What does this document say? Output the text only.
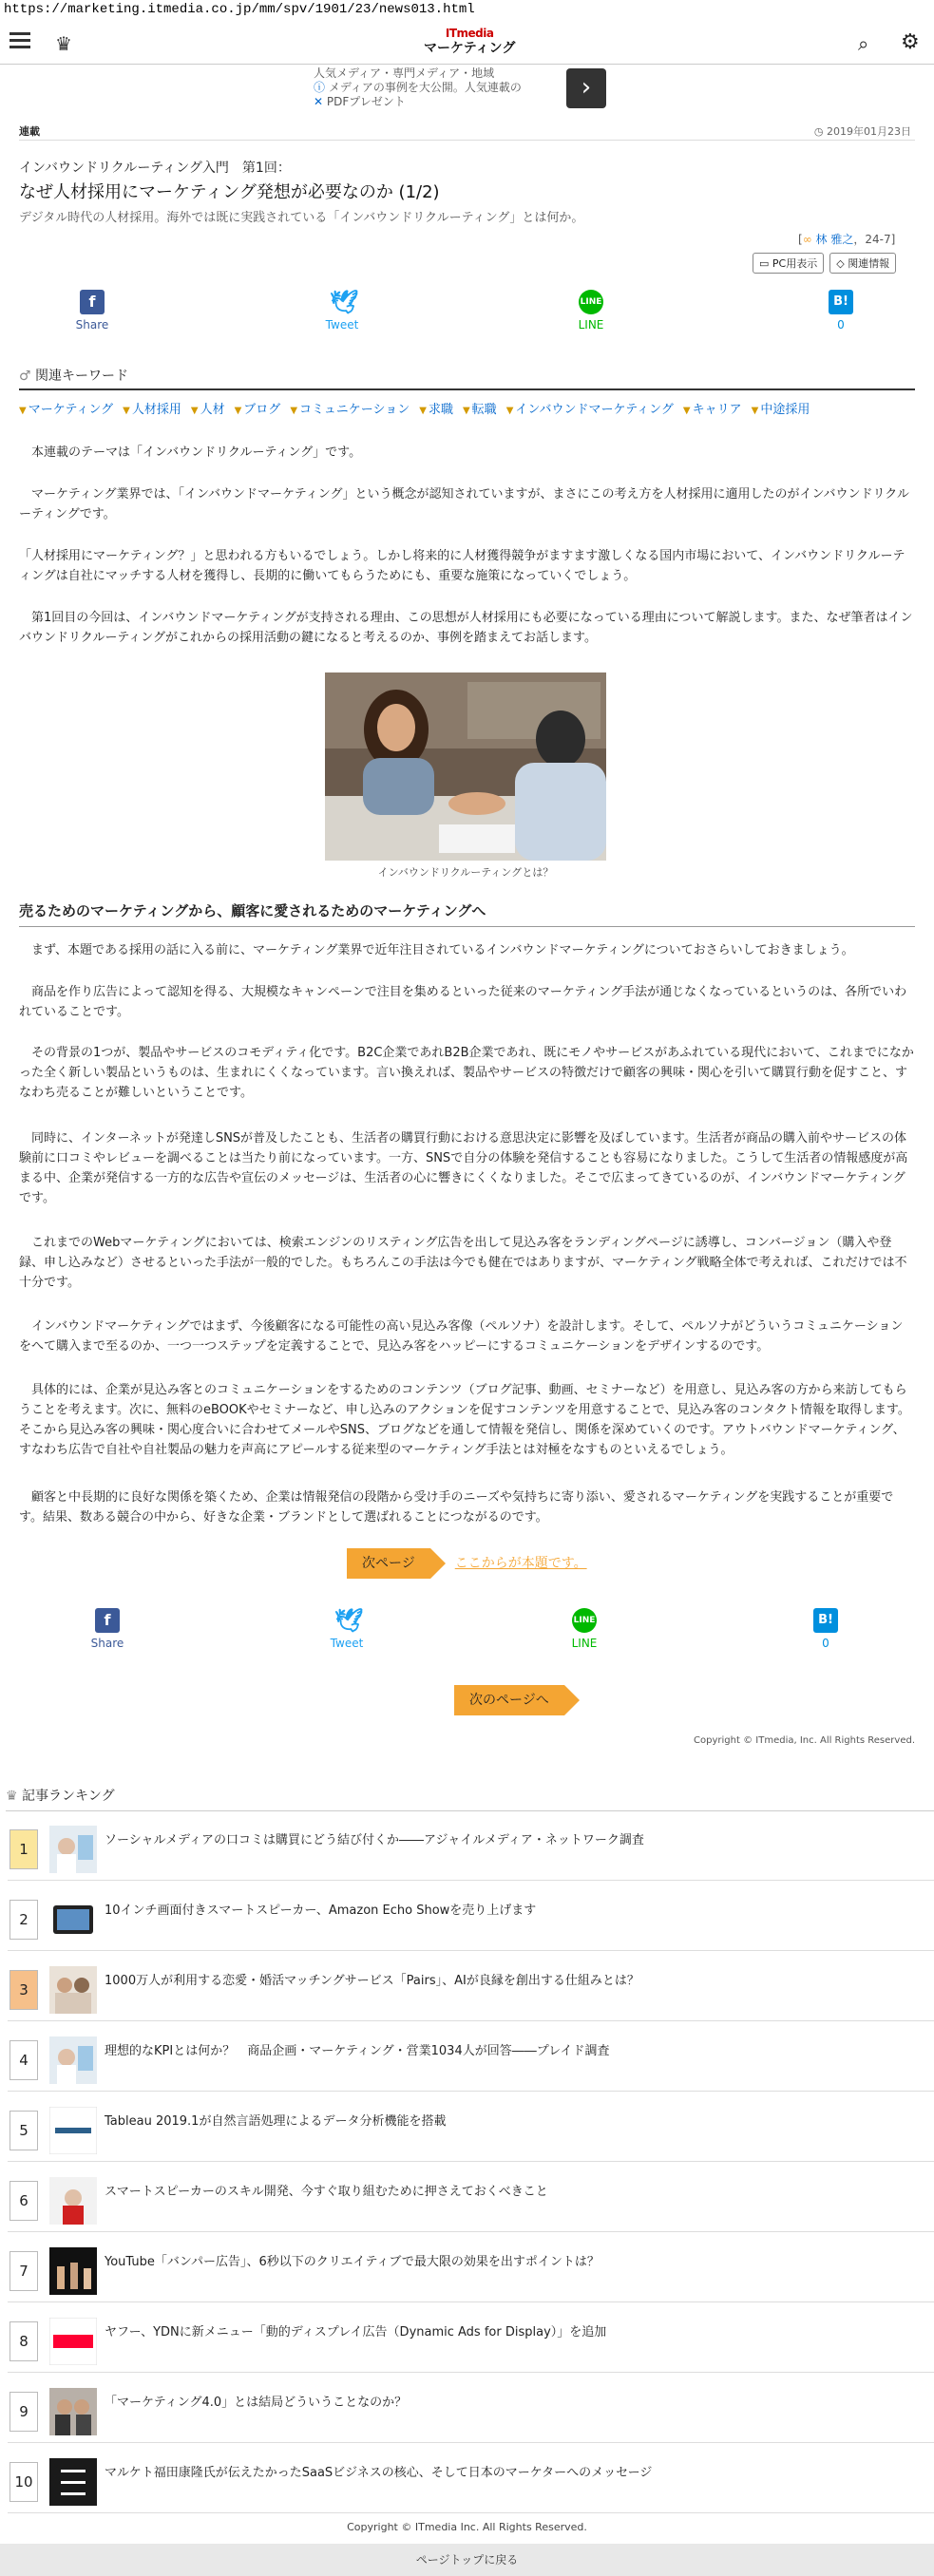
https://marketing.itmedia.co.jp/mm/spv/1901/23/news013.html
♛	ITmedia
マーケティング	⌕ ⚙
人気メディア・専門メディア・地域
ⓘ メディアの事例を大公開。人気連載の
✕ PDFプレゼント	›
連載	◷ 2019年01月23日
インバウンドリクルーティング入門　第1回：
なぜ人材採用にマーケティング発想が必要なのか (1/2)
デジタル時代の人材採用。海外では既に実践されている「インバウンドリクルーティング」とは何か。
[∞ 林 雅之，24-7]
▭ PC用表示 ◇ 関連情報
f
Share
🕊
Tweet
LINE
LINE
B!
0
♂ 関連キーワード
▼ マーケティング ▼ 人材採用 ▼ 人材 ▼ ブログ ▼ コミュニケーション ▼ 求職 ▼ 転職 ▼ インバウンドマーケティング ▼ キャリア ▼ 中途採用
　本連載のテーマは「インバウンドリクルーティング」です。
　マーケティング業界では、「インバウンドマーケティング」という概念が認知されていますが、まさにこの考え方を人材採用に適用したのがインバウンドリクルーティングです。
「人材採用にマーケティング？」と思われる方もいるでしょう。しかし将来的に人材獲得競争がますます激しくなる国内市場において、インバウンドリクルーティングは自社にマッチする人材を獲得し、長期的に働いてもらうためにも、重要な施策になっていくでしょう。
　第1回目の今回は、インバウンドマーケティングが支持される理由、この思想が人材採用にも必要になっている理由について解説します。また、なぜ筆者はインバウンドリクルーティングがこれからの採用活動の鍵になると考えるのか、事例を踏まえてお話します。
インバウンドリクルーティングとは？
売るためのマーケティングから、顧客に愛されるためのマーケティングへ
　まず、本題である採用の話に入る前に、マーケティング業界で近年注目されているインバウンドマーケティングについておさらいしておきましょう。
　商品を作り広告によって認知を得る、大規模なキャンペーンで注目を集めるといった従来のマーケティング手法が通じなくなっているというのは、各所でいわれていることです。
　その背景の1つが、製品やサービスのコモディティ化です。B2C企業であれB2B企業であれ、既にモノやサービスがあふれている現代において、これまでになかった全く新しい製品というものは、生まれにくくなっています。言い換えれば、製品やサービスの特徴だけで顧客の興味・関心を引いて購買行動を促すこと、すなわち売ることが難しいということです。
　同時に、インターネットが発達しSNSが普及したことも、生活者の購買行動における意思決定に影響を及ぼしています。生活者が商品の購入前やサービスの体験前に口コミやレビューを調べることは当たり前になっています。一方、SNSで自分の体験を発信することも容易になりました。こうして生活者の情報感度が高まる中、企業が発信する一方的な広告や宣伝のメッセージは、生活者の心に響きにくくなりました。そこで広まってきているのが、インバウンドマーケティングです。
　これまでのWebマーケティングにおいては、検索エンジンのリスティング広告を出して見込み客をランディングページに誘導し、コンバージョン（購入や登録、申し込みなど）させるといった手法が一般的でした。もちろんこの手法は今でも健在ではありますが、マーケティング戦略全体で考えれば、これだけでは不十分です。
　インバウンドマーケティングではまず、今後顧客になる可能性の高い見込み客像（ペルソナ）を設計します。そして、ペルソナがどういうコミュニケーションをへて購入まで至るのか、一つ一つステップを定義することで、見込み客をハッピーにするコミュニケーションをデザインするのです。
　具体的には、企業が見込み客とのコミュニケーションをするためのコンテンツ（ブログ記事、動画、セミナーなど）を用意し、見込み客の方から来訪してもらうことを考えます。次に、無料のeBOOKやセミナーなど、申し込みのアクションを促すコンテンツを用意することで、見込み客のコンタクト情報を取得します。そこから見込み客の興味・関心度合いに合わせてメールやSNS、ブログなどを通して情報を発信し、関係を深めていくのです。アウトバウンドマーケティング、すなわち広告で自社や自社製品の魅力を声高にアピールする従来型のマーケティング手法とは対極をなすものといえるでしょう。
　顧客と中長期的に良好な関係を築くため、企業は情報発信の段階から受け手のニーズや気持ちに寄り添い、愛されるマーケティングを実践することが重要です。結果、数ある競合の中から、好きな企業・ブランドとして選ばれることにつながるのです。
次ページ	ここからが本題です。
f
Share
🕊
Tweet
LINE
LINE
B!
0
次のページへ
Copyright © ITmedia, Inc. All Rights Reserved.
♛ 記事ランキング
1
ソーシャルメディアの口コミは購買にどう結び付くか――アジャイルメディア・ネットワーク調査
2
10インチ画面付きスマートスピーカー、Amazon Echo Showを売り上げます
3
1000万人が利用する恋愛・婚活マッチングサービス「Pairs」、AIが良縁を創出する仕組みとは？
4
理想的なKPIとは何か？　商品企画・マーケティング・営業1034人が回答――プレイド調査
5
Tableau 2019.1が自然言語処理によるデータ分析機能を搭載
6
スマートスピーカーのスキル開発、今すぐ取り組むために押さえておくべきこと
7
YouTube「バンパー広告」、6秒以下のクリエイティブで最大限の効果を出すポイントは？
8
ヤフー、YDNに新メニュー「動的ディスプレイ広告（Dynamic Ads for Display）」を追加
9
「マーケティング4.0」とは結局どういうことなのか？
10
マルケト福田康隆氏が伝えたかったSaaSビジネスの核心、そして日本のマーケターへのメッセージ
Copyright © ITmedia Inc. All Rights Reserved.
ページトップに戻る
